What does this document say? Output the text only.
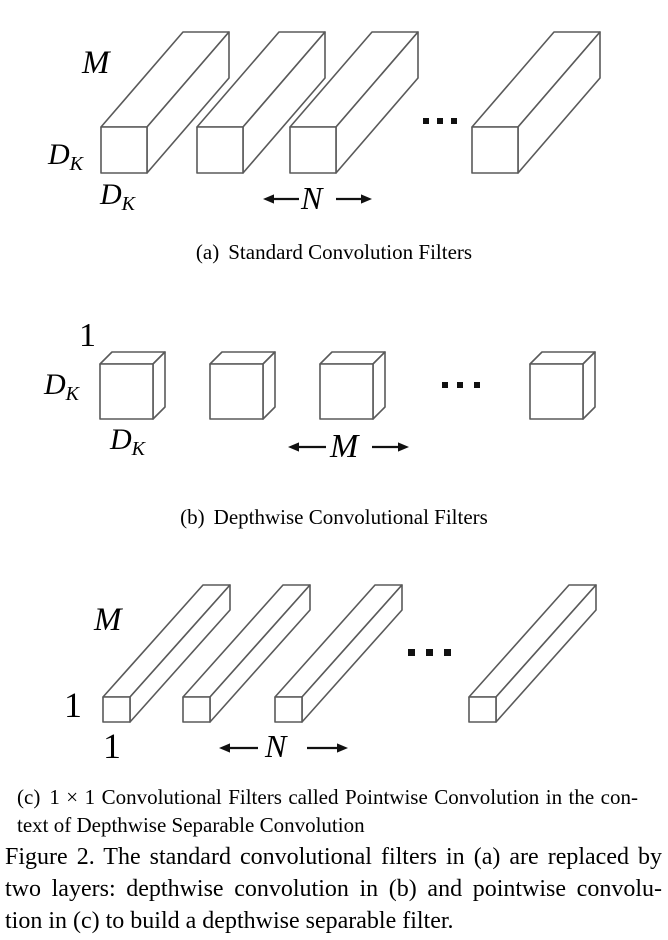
M
DK
DK	N
(a) Standard Convolution Filters
1
DK
DK	M
(b) Depthwise Convolutional Filters
M
1
1	N
(c) 1 × 1 Convolutional Filters called Pointwise Convolution in the con-
text of Depthwise Separable Convolution
Figure 2. The standard convolutional filters in (a) are replaced by
two layers: depthwise convolution in (b) and pointwise convolu-
tion in (c) to build a depthwise separable filter.
